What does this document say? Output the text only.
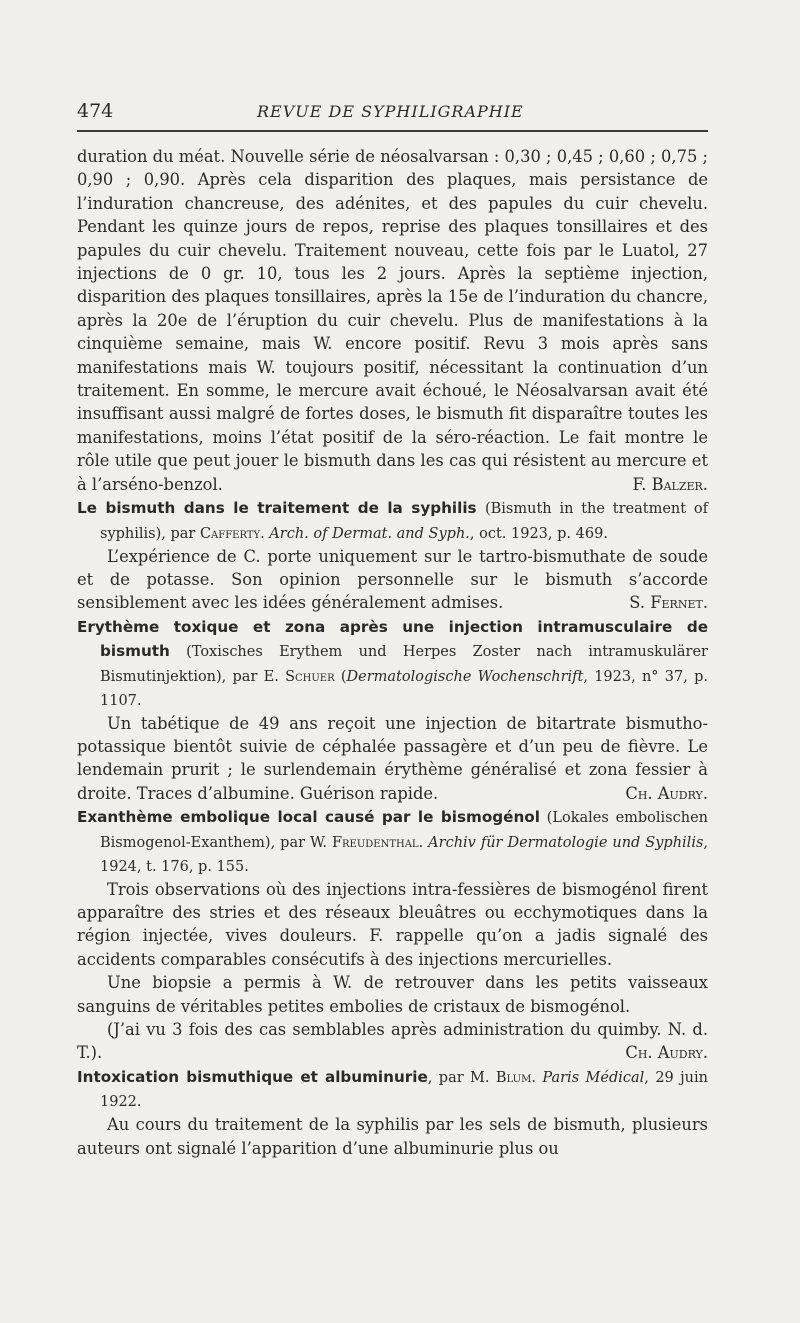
474	REVUE DE SYPHILIGRAPHIE

duration du méat. Nouvelle série de néosalvarsan : 0,30 ; 0,45 ; 0,60 ; 0,75 ; 0,90 ; 0,90. Après cela disparition des plaques, mais persistance de l’induration chancreuse, des adénites, et des papules du cuir chevelu. Pendant les quinze jours de repos, reprise des plaques tonsillaires et des papules du cuir chevelu. Traitement nouveau, cette fois par le Luatol, 27 injections de 0 gr. 10, tous les 2 jours. Après la septième injection, disparition des plaques tonsillaires, après la 15e de l’induration du chancre, après la 20e de l’éruption du cuir chevelu. Plus de manifestations à la cinquième semaine, mais W. encore positif. Revu 3 mois après sans manifestations mais W. toujours positif, nécessitant la continuation d’un traitement. En somme, le mercure avait échoué, le Néosalvarsan avait été insuffisant aussi malgré de fortes doses, le bismuth fit disparaître toutes les manifestations, moins l’état positif de la séro-réaction. Le fait montre le rôle utile que peut jouer le bismuth dans les cas qui résistent au mercure et à l’arséno-benzol.	F. Balzer.

Le bismuth dans le traitement de la syphilis (Bismuth in the treatment of syphilis), par Cafferty. Arch. of Dermat. and Syph., oct. 1923, p. 469.

L’expérience de C. porte uniquement sur le tartro-bismuthate de soude et de potasse. Son opinion personnelle sur le bismuth s’accorde sensiblement avec les idées généralement admises.	S. Fernet.

Erythème toxique et zona après une injection intramusculaire de bismuth (Toxisches Erythem und Herpes Zoster nach intramuskulärer Bismutinjektion), par E. Schuer (Dermatologische Wochenschrift, 1923, n° 37, p. 1107.

Un tabétique de 49 ans reçoit une injection de bitartrate bismutho-potassique bientôt suivie de céphalée passagère et d’un peu de fièvre. Le lendemain prurit ; le surlendemain érythème généralisé et zona fessier à droite. Traces d’albumine. Guérison rapide.	Ch. Audry.

Exanthème embolique local causé par le bismogénol (Lokales embolischen Bismogenol-Exanthem), par W. Freudenthal. Archiv für Dermatologie und Syphilis, 1924, t. 176, p. 155.

Trois observations où des injections intra-fessières de bismogénol firent apparaître des stries et des réseaux bleuâtres ou ecchymotiques dans la région injectée, vives douleurs. F. rappelle qu’on a jadis signalé des accidents comparables consécutifs à des injections mercurielles.

Une biopsie a permis à W. de retrouver dans les petits vaisseaux sanguins de véritables petites embolies de cristaux de bismogénol.

(J’ai vu 3 fois des cas semblables après administration du quimby. N. d. T.).	Ch. Audry.

Intoxication bismuthique et albuminurie, par M. Blum. Paris Médical, 29 juin 1922.

Au cours du traitement de la syphilis par les sels de bismuth, plusieurs auteurs ont signalé l’apparition d’une albuminurie plus ou
